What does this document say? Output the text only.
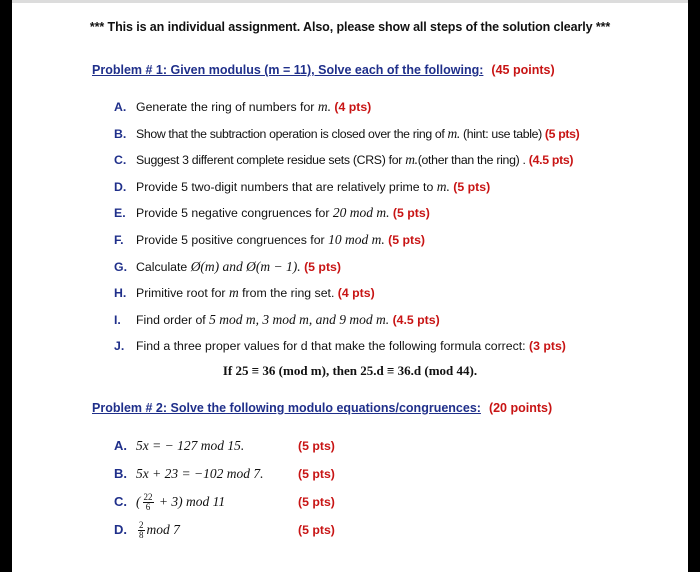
*** This is an individual assignment. Also, please show all steps of the solution clearly ***
Problem # 1: Given modulus (m = 11), Solve each of the following: (45 points)
A. Generate the ring of numbers for m. (4 pts)
B. Show that the subtraction operation is closed over the ring of m. (hint: use table) (5 pts)
C. Suggest 3 different complete residue sets (CRS) for m.(other than the ring) . (4.5 pts)
D. Provide 5 two-digit numbers that are relatively prime to m. (5 pts)
E. Provide 5 negative congruences for 20 mod m. (5 pts)
F.	Provide 5 positive congruences for 10 mod m. (5 pts)
G. Calculate Ø(m) and Ø(m − 1). (5 pts)
H. Primitive root for m from the ring set. (4 pts)
I.	Find order of 5 mod m, 3 mod m, and 9 mod m. (4.5 pts)
J. Find a three proper values for d that make the following formula correct: (3 pts)
If 25 ≡ 36 (mod m), then 25.d ≡ 36.d (mod 44).
Problem # 2: Solve the following modulo equations/congruences: (20 points)
A. 5x = − 127 mod 15.	(5 pts)
B. 5x + 23 = −102 mod 7.	(5 pts)
C. ( $\frac{22}{6} + 3$) mod 11	(5 pts)
D. $\frac{2}{8}$ mod 7	(5 pts)
